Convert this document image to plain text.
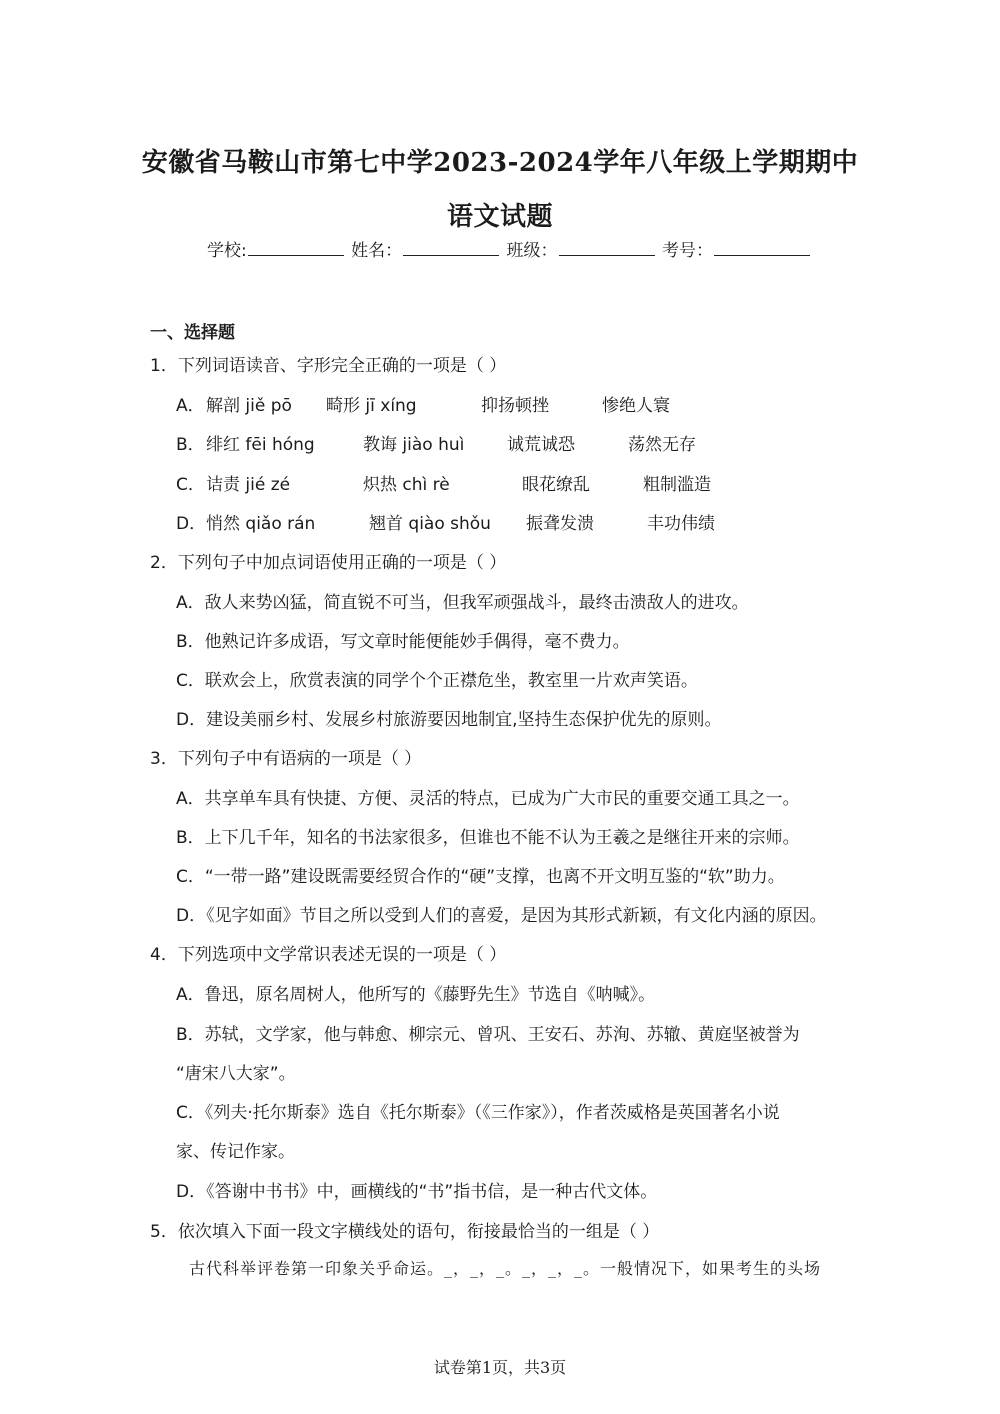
安徽省马鞍山市第七中学2023-2024学年八年级上学期期中
语文试题
学校:	姓名：	班级：	考号：
一、选择题
1．下列词语读音、字形完全正确的一项是（ ）
A． 解剖 jiě pō 畸形 jī xíng	抑扬顿挫	惨绝人寰
B． 绯红 fēi hóng	教诲 jiào huì	诚荒诚恐	荡然无存
C． 诘责 jié zé	炽热 chì rè	眼花缭乱	粗制滥造
D． 悄然 qiǎo rán	翘首 qiào shǒu 振聋发溃	丰功伟绩
2．下列句子中加点词语使用正确的一项是（ ）
A．敌人来势凶猛，简直锐不可当，但我军顽强战斗，最终击溃敌人的进攻。
B．他熟记许多成语，写文章时能便能妙手偶得，毫不费力。
C．联欢会上，欣赏表演的同学个个正襟危坐，教室里一片欢声笑语。
D．建设美丽乡村、发展乡村旅游要因地制宜,坚持生态保护优先的原则。
3．下列句子中有语病的一项是（ ）
A．共享单车具有快捷、方便、灵活的特点，已成为广大市民的重要交通工具之一。
B．上下几千年，知名的书法家很多，但谁也不能不认为王羲之是继往开来的宗师。
C．“一带一路”建设既需要经贸合作的“硬”支撑，也离不开文明互鉴的“软”助力。
D．《见字如面》节目之所以受到人们的喜爱，是因为其形式新颖，有文化内涵的原因。
4．下列选项中文学常识表述无误的一项是（ ）
A．鲁迅，原名周树人，他所写的《藤野先生》节选自《呐喊》。
B．苏轼，文学家，他与韩愈、柳宗元、曾巩、王安石、苏洵、苏辙、黄庭坚被誉为
“唐宋八大家”。
C．《列夫·托尔斯泰》选自《托尔斯泰》（《三作家》），作者茨威格是英国著名小说
家、传记作家。
D．《答谢中书书》中，画横线的“书”指书信，是一种古代文体。
5．依次填入下面一段文字横线处的语句，衔接最恰当的一组是（ ）
古代科举评卷第一印象关乎命运。_，_，_。_，_，_。一般情况下，如果考生的头场
试卷第1页，共3页
